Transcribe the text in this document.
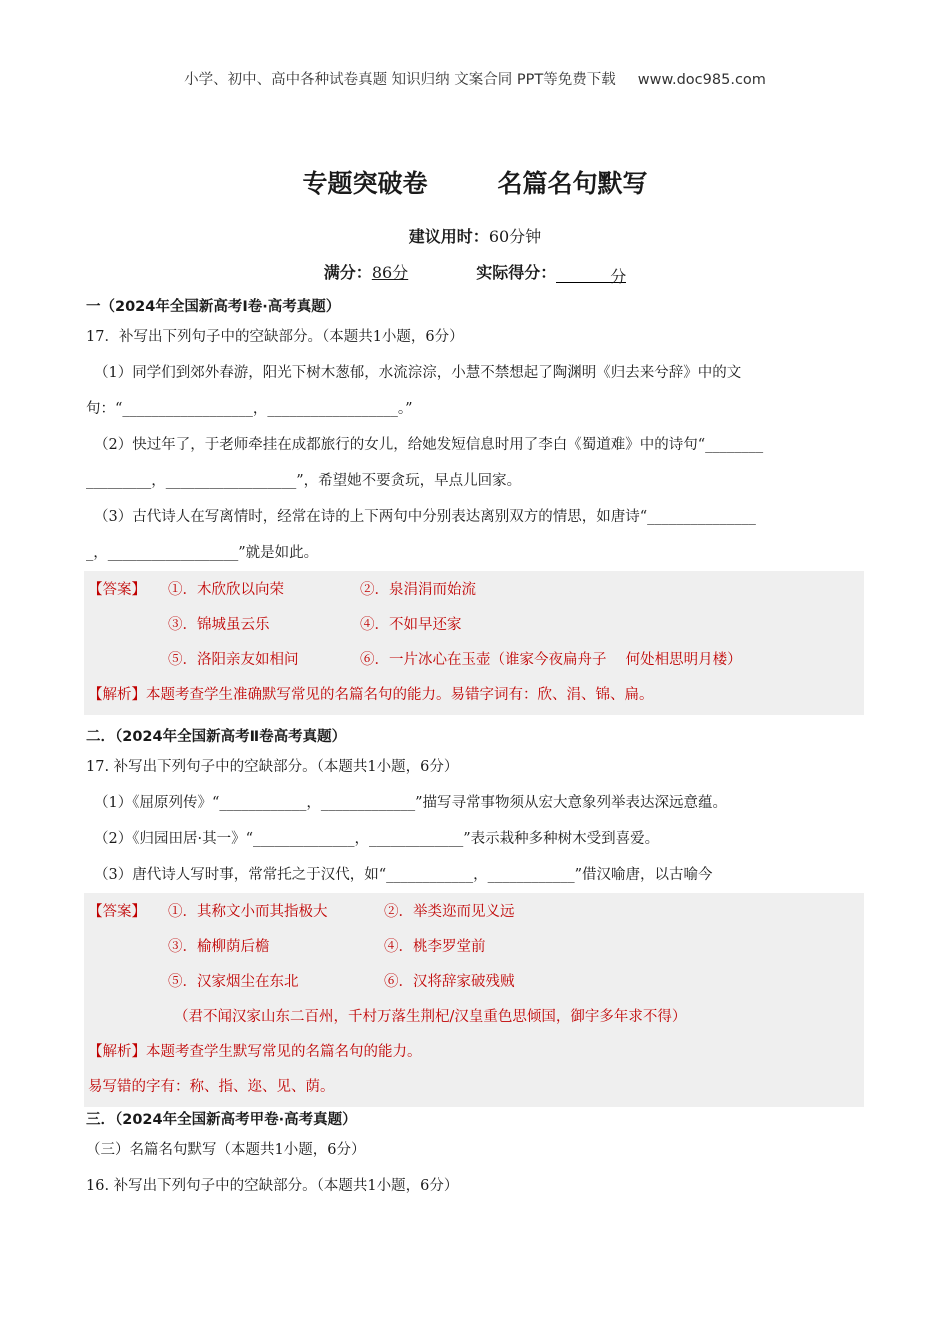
小学、初中、高中各种试卷真题 知识归纳 文案合同 PPT等免费下载 www.doc985.com
专题突破卷	名篇名句默写
建议用时：60分钟
满分：86分	实际得分：	分
一（2024年全国新高考Ⅰ卷·高考真题）
17．补写出下列句子中的空缺部分。（本题共1小题，6分）
（1）同学们到郊外春游，阳光下树木葱郁，水流淙淙，小慧不禁想起了陶渊明《归去来兮辞》中的文
句：“__________________，__________________。”
（2）快过年了，于老师牵挂在成都旅行的女儿，给她发短信息时用了李白《蜀道难》中的诗句“________
_________，__________________”，希望她不要贪玩，早点儿回家。
（3）古代诗人在写离情时，经常在诗的上下两句中分别表达离别双方的情思，如唐诗“_______________
_，__________________”就是如此。
【答案】 ①．木欣欣以向荣	②．泉涓涓而始流
③．锦城虽云乐	④．不如早还家
⑤．洛阳亲友如相问	⑥．一片冰心在玉壶（谁家今夜扁舟子　 何处相思明月楼）
【解析】本题考查学生准确默写常见的名篇名句的能力。易错字词有：欣、涓、锦、扁。
二．（2024年全国新高考Ⅱ卷高考真题）
17. 补写出下列句子中的空缺部分。（本题共1小题，6分）
（1）《屈原列传》“____________，_____________”描写寻常事物须从宏大意象列举表达深远意蕴。
（2）《归园田居·其一》“______________，_____________”表示栽种多种树木受到喜爱。
（3）唐代诗人写时事，常常托之于汉代，如“____________，____________”借汉喻唐，以古喻今
【答案】 ①．其称文小而其指极大	②．举类迩而见义远
③．榆柳荫后檐	④．桃李罗堂前
⑤．汉家烟尘在东北	⑥．汉将辞家破残贼
（君不闻汉家山东二百州，千村万落生荆杞/汉皇重色思倾国，御宇多年求不得）
【解析】本题考查学生默写常见的名篇名句的能力。
易写错的字有：称、指、迩、见、荫。
三．（2024年全国新高考甲卷·高考真题）
（三）名篇名句默写（本题共1小题，6分）
16. 补写出下列句子中的空缺部分。（本题共1小题，6分）
